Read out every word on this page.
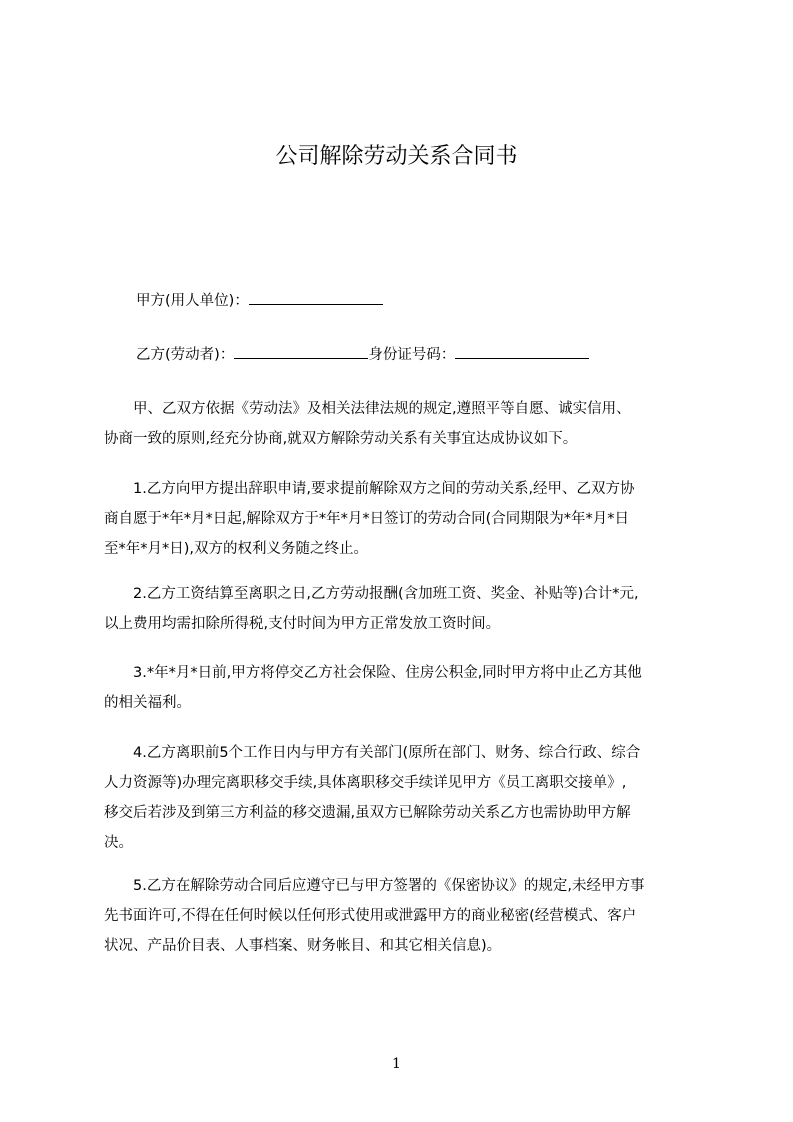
公司解除劳动关系合同书
甲方(用人单位)：
乙方(劳动者)：	身份证号码：
　　甲、乙双方依据《劳动法》及相关法律法规的规定,遵照平等自愿、诚实信用、
协商一致的原则,经充分协商,就双方解除劳动关系有关事宜达成协议如下。
　　1.乙方向甲方提出辞职申请,要求提前解除双方之间的劳动关系,经甲、乙双方协
商自愿于*年*月*日起,解除双方于*年*月*日签订的劳动合同(合同期限为*年*月*日
至*年*月*日),双方的权利义务随之终止。
　　2.乙方工资结算至离职之日,乙方劳动报酬(含加班工资、奖金、补贴等)合计*元,
以上费用均需扣除所得税,支付时间为甲方正常发放工资时间。
　　3.*年*月*日前,甲方将停交乙方社会保险、住房公积金,同时甲方将中止乙方其他
的相关福利。
　　4.乙方离职前5个工作日内与甲方有关部门(原所在部门、财务、综合行政、综合
人力资源等)办理完离职移交手续,具体离职移交手续详见甲方《员工离职交接单》,
移交后若涉及到第三方利益的移交遗漏,虽双方已解除劳动关系乙方也需协助甲方解
决。
　　5.乙方在解除劳动合同后应遵守已与甲方签署的《保密协议》的规定,未经甲方事
先书面许可,不得在任何时候以任何形式使用或泄露甲方的商业秘密(经营模式、客户
状况、产品价目表、人事档案、财务帐目、和其它相关信息)。
1
